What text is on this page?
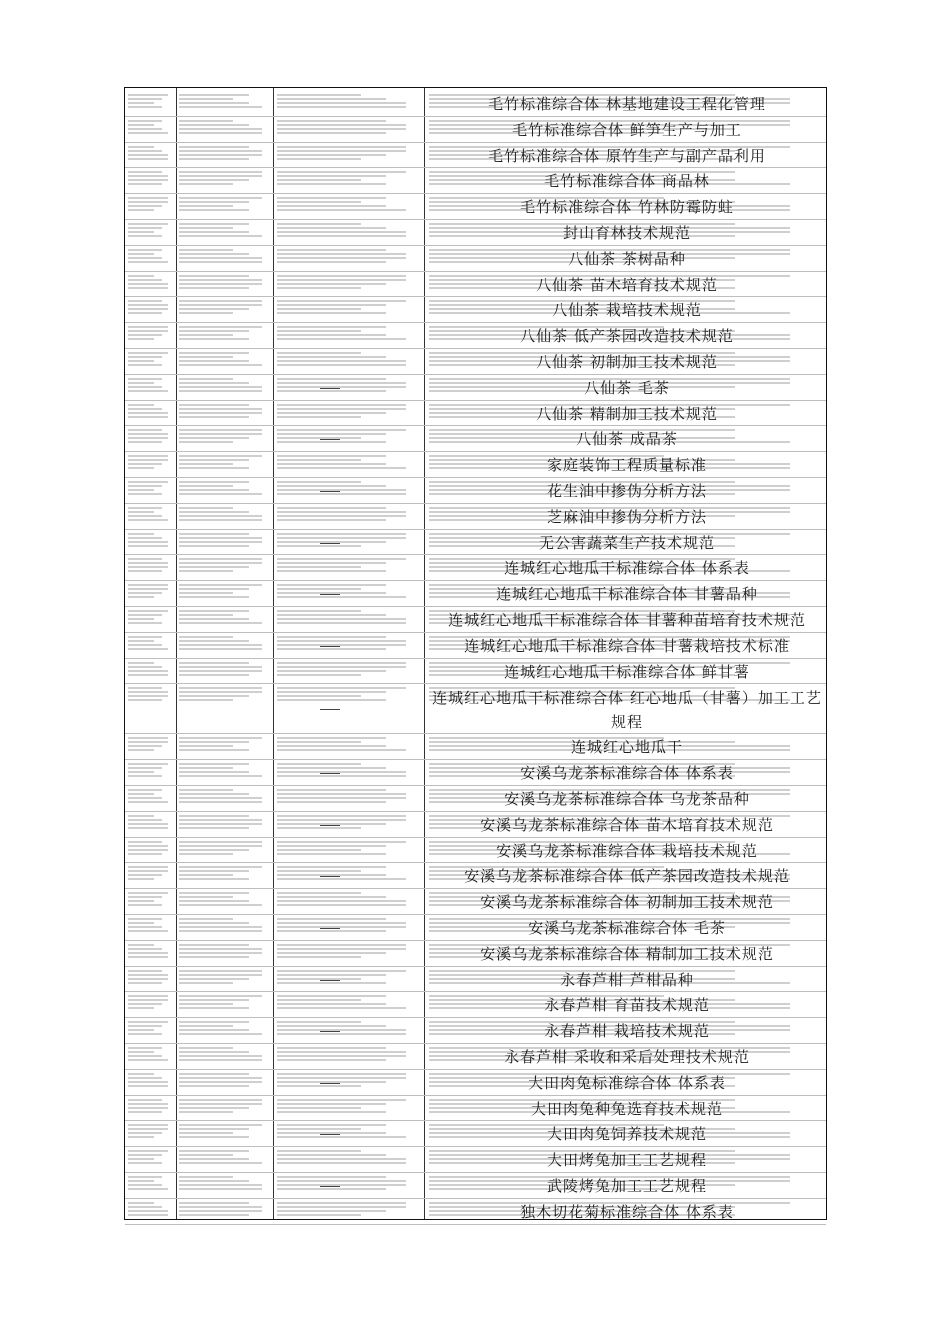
毛竹标准综合体 林基地建设工程化管理
毛竹标准综合体 鲜笋生产与加工
毛竹标准综合体 原竹生产与副产品利用
毛竹标准综合体 商品林
毛竹标准综合体 竹林防霉防蛀
封山育林技术规范
八仙茶 茶树品种
八仙茶 苗木培育技术规范
八仙茶 栽培技术规范
八仙茶 低产茶园改造技术规范
八仙茶 初制加工技术规范
八仙茶 毛茶
八仙茶 精制加工技术规范
八仙茶 成品茶
家庭装饰工程质量标准
花生油中掺伪分析方法
芝麻油中掺伪分析方法
无公害蔬菜生产技术规范
连城红心地瓜干标准综合体 体系表
连城红心地瓜干标准综合体 甘薯品种
连城红心地瓜干标准综合体 甘薯种苗培育技术规范
连城红心地瓜干标准综合体 甘薯栽培技术标准
连城红心地瓜干标准综合体 鲜甘薯
连城红心地瓜干标准综合体 红心地瓜（甘薯）加工工艺规程
连城红心地瓜干
安溪乌龙茶标准综合体 体系表
安溪乌龙茶标准综合体 乌龙茶品种
安溪乌龙茶标准综合体 苗木培育技术规范
安溪乌龙茶标准综合体 栽培技术规范
安溪乌龙茶标准综合体 低产茶园改造技术规范
安溪乌龙茶标准综合体 初制加工技术规范
安溪乌龙茶标准综合体 毛茶
安溪乌龙茶标准综合体 精制加工技术规范
永春芦柑 芦柑品种
永春芦柑 育苗技术规范
永春芦柑 栽培技术规范
永春芦柑 采收和采后处理技术规范
大田肉兔标准综合体 体系表
大田肉兔种兔选育技术规范
大田肉兔饲养技术规范
大田烤兔加工工艺规程
武陵烤兔加工工艺规程
独木切花菊标准综合体 体系表
